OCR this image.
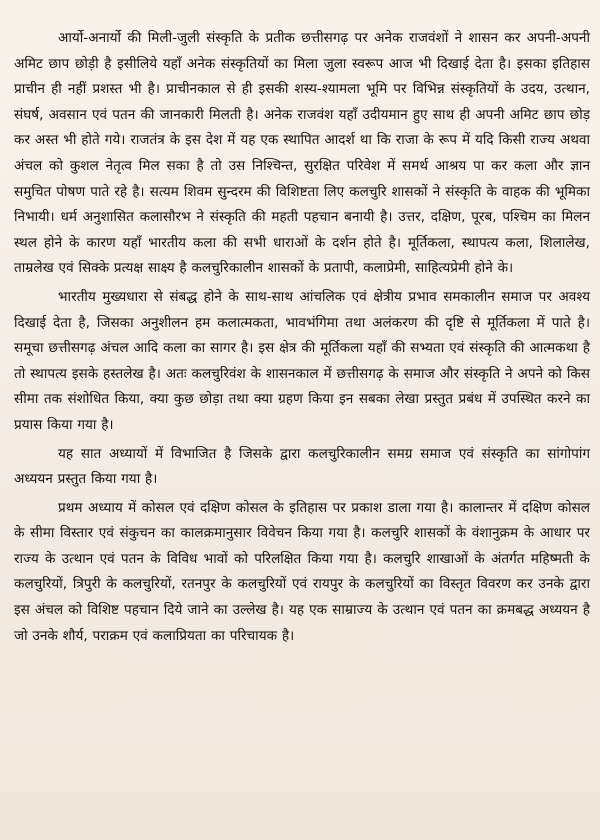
आर्यो-अनार्यो की मिली-जुली संस्कृति के प्रतीक छत्तीसगढ़ पर अनेक राजवंशों ने शासन कर अपनी-अपनी अमिट छाप छोड़ी है इसीलिये यहाँ अनेक संस्कृतियों का मिला जुला स्वरूप आज भी दिखाई देता है। इसका इतिहास प्राचीन ही नहीं प्रशस्त भी है। प्राचीनकाल से ही इसकी शस्य-श्यामला भूमि पर विभिन्न संस्कृतियों के उदय, उत्थान, संघर्ष, अवसान एवं पतन की जानकारी मिलती है। अनेक राजवंश यहाँ उदीयमान हुए साथ ही अपनी अमिट छाप छोड़ कर अस्त भी होते गये। राजतंत्र के इस देश में यह एक स्थापित आदर्श था कि राजा के रूप में यदि किसी राज्य अथवा अंचल को कुशल नेतृत्व मिल सका है तो उस निश्चिन्त, सुरक्षित परिवेश में समर्थ आश्रय पा कर कला और ज्ञान समुचित पोषण पाते रहे है। सत्यम शिवम सुन्दरम की विशिष्टता लिए कलचुरि शासकों ने संस्कृति के वाहक की भूमिका निभायी। धर्म अनुशासित कलासौरभ ने संस्कृति की महती पहचान बनायी है। उत्तर, दक्षिण, पूरब, पश्चिम का मिलन स्थल होने के कारण यहाँ भारतीय कला की सभी धाराओं के दर्शन होते है। मूर्तिकला, स्थापत्य कला, शिलालेख, ताम्रलेख एवं सिक्के प्रत्यक्ष साक्ष्य है कलचुरिकालीन शासकों के प्रतापी, कलाप्रेमी, साहित्यप्रेमी होने के।

भारतीय मुख्यधारा से संबद्ध होने के साथ-साथ आंचलिक एवं क्षेत्रीय प्रभाव समकालीन समाज पर अवश्य दिखाई देता है, जिसका अनुशीलन हम कलात्मकता, भावभंगिमा तथा अलंकरण की दृष्टि से मूर्तिकला में पाते है। समूचा छत्तीसगढ़ अंचल आदि कला का सागर है। इस क्षेत्र की मूर्तिकला यहाँ की सभ्यता एवं संस्कृति की आत्मकथा है तो स्थापत्य इसके हस्तलेख है। अतः कलचुरिवंश के शासनकाल में छत्तीसगढ़ के समाज और संस्कृति ने अपने को किस सीमा तक संशोधित किया, क्या कुछ छोड़ा तथा क्या ग्रहण किया इन सबका लेखा प्रस्तुत प्रबंध में उपस्थित करने का प्रयास किया गया है।

यह सात अध्यायों में विभाजित है जिसके द्वारा कलचुरिकालीन समग्र समाज एवं संस्कृति का सांगोपांग अध्ययन प्रस्तुत किया गया है।

प्रथम अध्याय में कोसल एवं दक्षिण कोसल के इतिहास पर प्रकाश डाला गया है। कालान्तर में दक्षिण कोसल के सीमा विस्तार एवं संकुचन का कालक्रमानुसार विवेचन किया गया है। कलचुरि शासकों के वंशानुक्रम के आधार पर राज्य के उत्थान एवं पतन के विविध भावों को परिलक्षित किया गया है। कलचुरि शाखाओं के अंतर्गत महिष्मती के कलचुरियों, त्रिपुरी के कलचुरियों, रतनपुर के कलचुरियों एवं रायपुर के कलचुरियों का विस्तृत विवरण कर उनके द्वारा इस अंचल को विशिष्ट पहचान दिये जाने का उल्लेख है। यह एक साम्राज्य के उत्थान एवं पतन का क्रमबद्ध अध्ययन है जो उनके शौर्य, पराक्रम एवं कलाप्रियता का परिचायक है।
